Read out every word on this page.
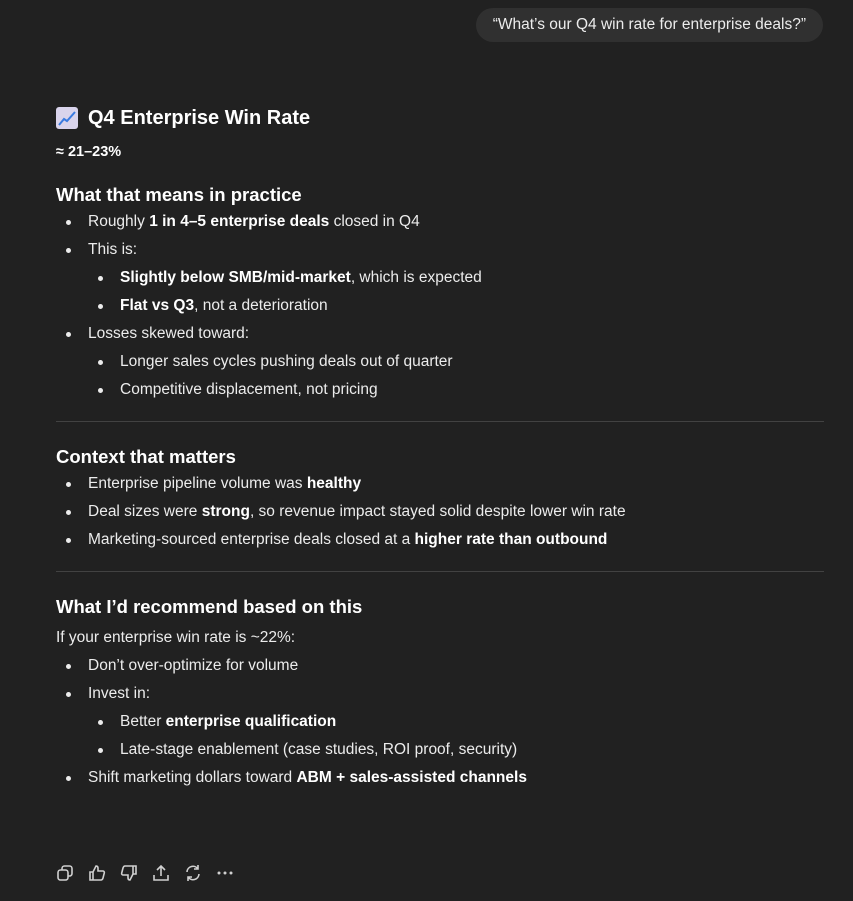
“What’s our Q4 win rate for enterprise deals?”
Q4 Enterprise Win Rate
≈ 21–23%
What that means in practice
Roughly 1 in 4–5 enterprise deals closed in Q4
This is:
Slightly below SMB/mid-market, which is expected
Flat vs Q3, not a deterioration
Losses skewed toward:
Longer sales cycles pushing deals out of quarter
Competitive displacement, not pricing
Context that matters
Enterprise pipeline volume was healthy
Deal sizes were strong, so revenue impact stayed solid despite lower win rate
Marketing-sourced enterprise deals closed at a higher rate than outbound
What I’d recommend based on this
If your enterprise win rate is ~22%:
Don’t over-optimize for volume
Invest in:
Better enterprise qualification
Late-stage enablement (case studies, ROI proof, security)
Shift marketing dollars toward ABM + sales-assisted channels
